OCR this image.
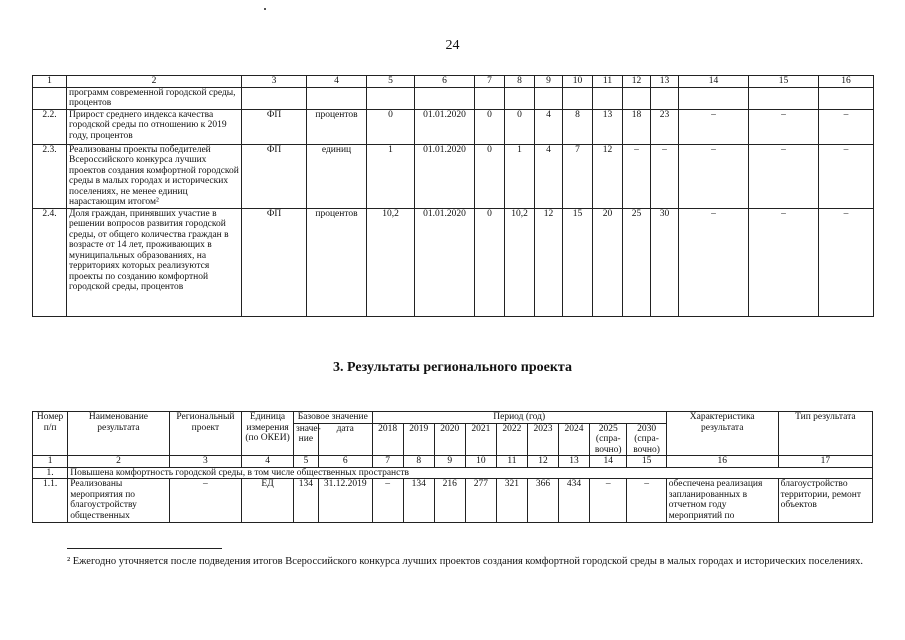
24
1	2	3	4	5	6	7	8	9	10	11	12	13	14	15	16
	программ современной городской среды, процентов														
2.2.	Прирост среднего индекса качества городской среды по отношению к 2019 году, процентов	ФП	процентов	0	01.01.2020	0	0	4	8	13	18	23	–	–	–
2.3.	Реализованы проекты победителей Всероссийского конкурса лучших проектов создания комфортной городской среды в малых городах и исторических поселениях, не менее единиц нарастающим итогом²	ФП	единиц	1	01.01.2020	0	1	4	7	12	–	–	–	–	–
2.4.	Доля граждан, принявших участие в решении вопросов развития городской среды, от общего количества граждан в возрасте от 14 лет, проживающих в муниципальных образованиях, на территориях которых реализуются проекты по созданию комфортной городской среды, процентов	ФП	процентов	10,2	01.01.2020	0	10,2	12	15	20	25	30	–	–	–
3. Результаты регионального проекта
Номер п/п	Наименование результата	Региональный проект	Единица измерения (по ОКЕИ)	Базовое значение		Период (год)									Характеристика результата	Тип результата
				значе-ние	дата	2018	2019	2020	2021	2022	2023	2024	2025 (спра-вочно)	2030 (спра-вочно)		

1	2	3	4	5	6	7	8	9	10	11	12	13	14	15	16	17
1.	Повышена комфортность городской среды, в том числе общественных пространств															
1.1.	Реализованы мероприятия по благоустройству общественных	–	ЕД	134	31.12.2019	–	134	216	277	321	366	434	–	–	обеспечена реализация запланированных в отчетном году мероприятий по	благоустройство территории, ремонт объектов
² Ежегодно уточняется после подведения итогов Всероссийского конкурса лучших проектов создания комфортной городской среды в малых городах и исторических поселениях.
